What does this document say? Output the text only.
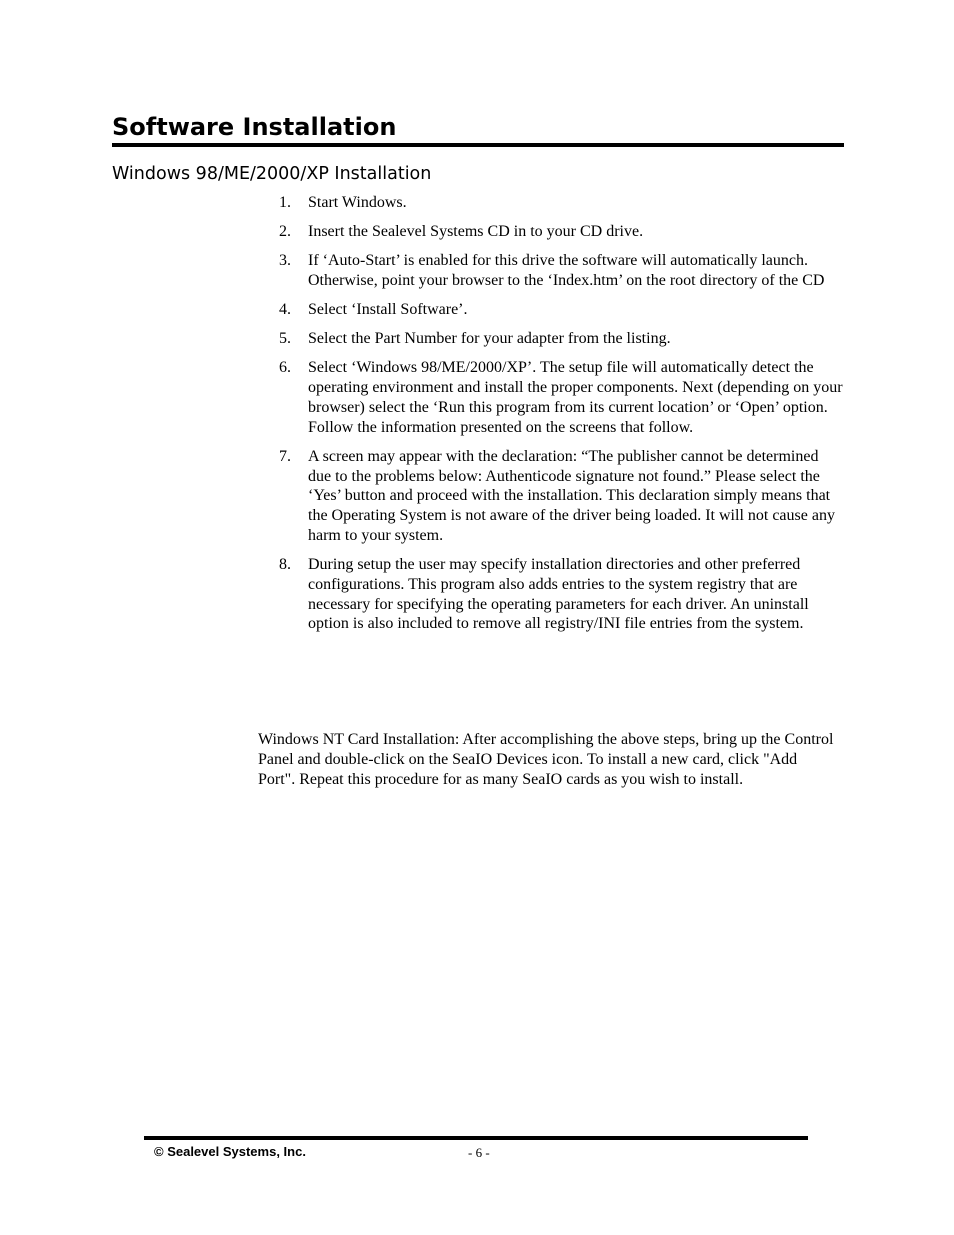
Software Installation
Windows 98/ME/2000/XP Installation
1. Start Windows.
2. Insert the Sealevel Systems CD in to your CD drive.
3. If ‘Auto-Start’ is enabled for this drive the software will automatically launch. Otherwise, point your browser to the ‘Index.htm’ on the root directory of the CD
4. Select ‘Install Software’.
5. Select the Part Number for your adapter from the listing.
6. Select ‘Windows 98/ME/2000/XP’. The setup file will automatically detect the operating environment and install the proper components. Next (depending on your browser) select the ‘Run this program from its current location’ or ‘Open’ option. Follow the information presented on the screens that follow.
7. A screen may appear with the declaration: “The publisher cannot be determined due to the problems below: Authenticode signature not found.” Please select the ‘Yes’ button and proceed with the installation. This declaration simply means that the Operating System is not aware of the driver being loaded. It will not cause any harm to your system.
8. During setup the user may specify installation directories and other preferred configurations. This program also adds entries to the system registry that are necessary for specifying the operating parameters for each driver. An uninstall option is also included to remove all registry/INI file entries from the system.

Windows NT Card Installation: After accomplishing the above steps, bring up the Control Panel and double-click on the SeaIO Devices icon. To install a new card, click "Add Port". Repeat this procedure for as many SeaIO cards as you wish to install.

© Sealevel Systems, Inc.	- 6 -
